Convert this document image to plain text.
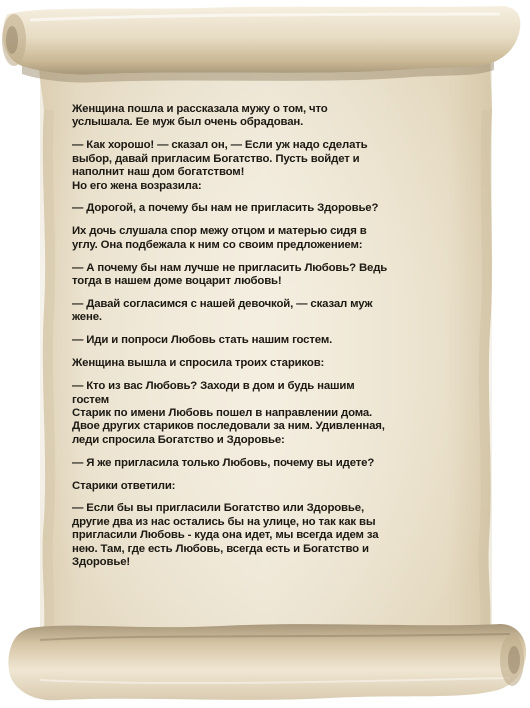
Женщина пошла и рассказала мужу о том, что
услышала. Ее муж был очень обрадован.

— Как хорошо! — сказал он, — Если уж надо сделать
выбор, давай пригласим Богатство. Пусть войдет и
наполнит наш дом богатством!
Но его жена возразила:

— Дорогой, а почему бы нам не пригласить Здоровье?

Их дочь слушала спор межу отцом и матерью сидя в
углу. Она подбежала к ним со своим предложением:

— А почему бы нам лучше не пригласить Любовь? Ведь
тогда в нашем доме воцарит любовь!

— Давай согласимся с нашей девочкой, — сказал муж
жене.

— Иди и попроси Любовь стать нашим гостем.

Женщина вышла и спросила троих стариков:

— Кто из вас Любовь? Заходи в дом и будь нашим
гостем
Старик по имени Любовь пошел в направлении дома.
Двое других стариков последовали за ним. Удивленная,
леди спросила Богатство и Здоровье:

— Я же пригласила только Любовь, почему вы идете?

Старики ответили:

— Если бы вы пригласили Богатство или Здоровье,
другие два из нас остались бы на улице, но так как вы
пригласили Любовь - куда она идет, мы всегда идем за
нею. Там, где есть Любовь, всегда есть и Богатство и
Здоровье!
